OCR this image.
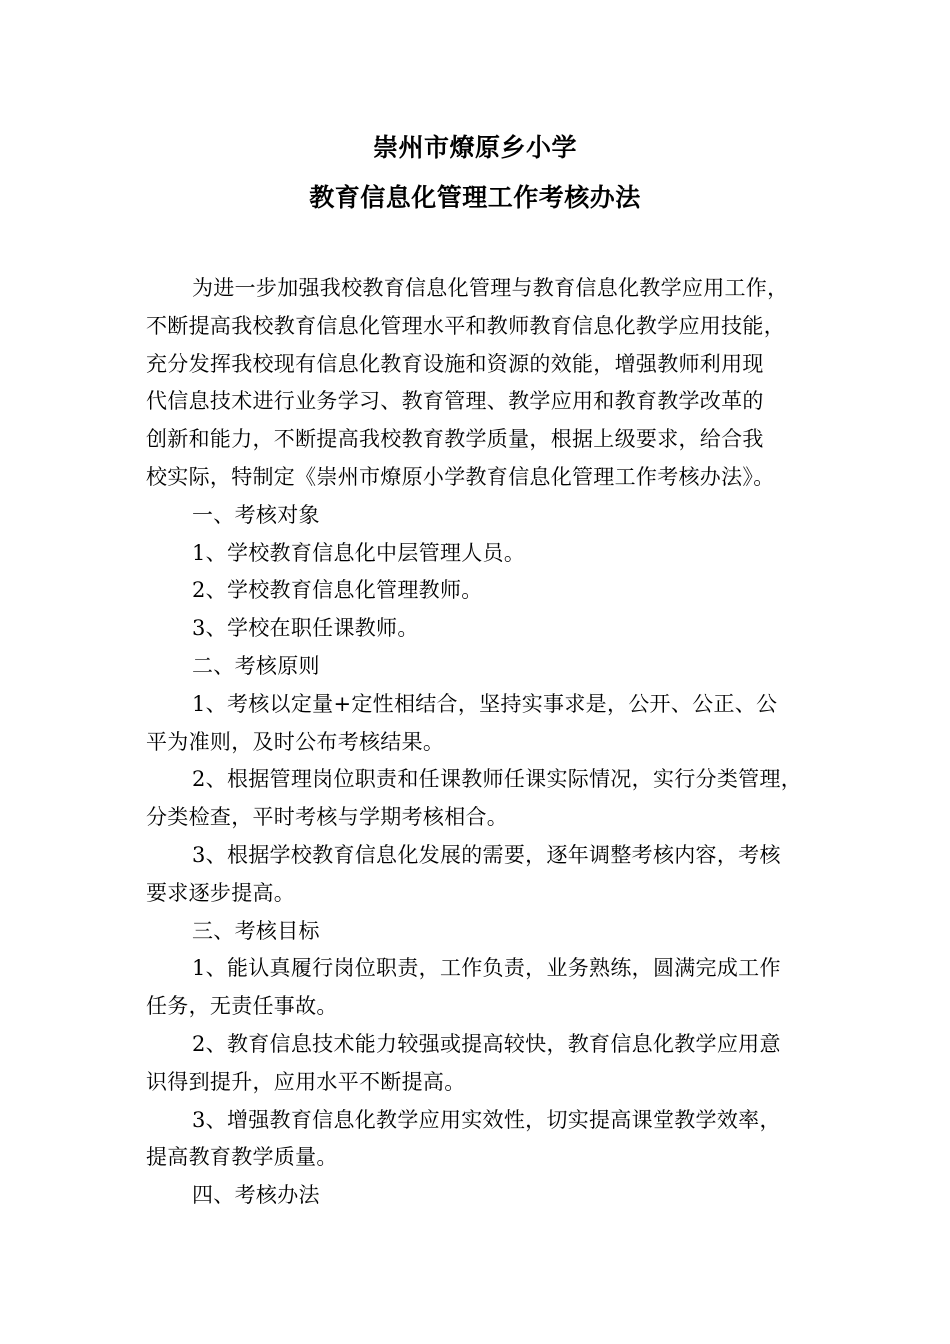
崇州市燎原乡小学
教育信息化管理工作考核办法
为进一步加强我校教育信息化管理与教育信息化教学应用工作，
不断提高我校教育信息化管理水平和教师教育信息化教学应用技能，
充分发挥我校现有信息化教育设施和资源的效能，增强教师利用现
代信息技术进行业务学习、教育管理、教学应用和教育教学改革的
创新和能力，不断提高我校教育教学质量，根据上级要求，给合我
校实际，特制定《崇州市燎原小学教育信息化管理工作考核办法》。
一、考核对象
1、学校教育信息化中层管理人员。
2、学校教育信息化管理教师。
3、学校在职任课教师。
二、考核原则
1、考核以定量+定性相结合，坚持实事求是，公开、公正、公
平为准则，及时公布考核结果。
2、根据管理岗位职责和任课教师任课实际情况，实行分类管理，
分类检查，平时考核与学期考核相合。
3、根据学校教育信息化发展的需要，逐年调整考核内容，考核
要求逐步提高。
三、考核目标
1、能认真履行岗位职责，工作负责，业务熟练，圆满完成工作
任务，无责任事故。
2、教育信息技术能力较强或提高较快，教育信息化教学应用意
识得到提升，应用水平不断提高。
3、增强教育信息化教学应用实效性，切实提高课堂教学效率，
提高教育教学质量。
四、考核办法
